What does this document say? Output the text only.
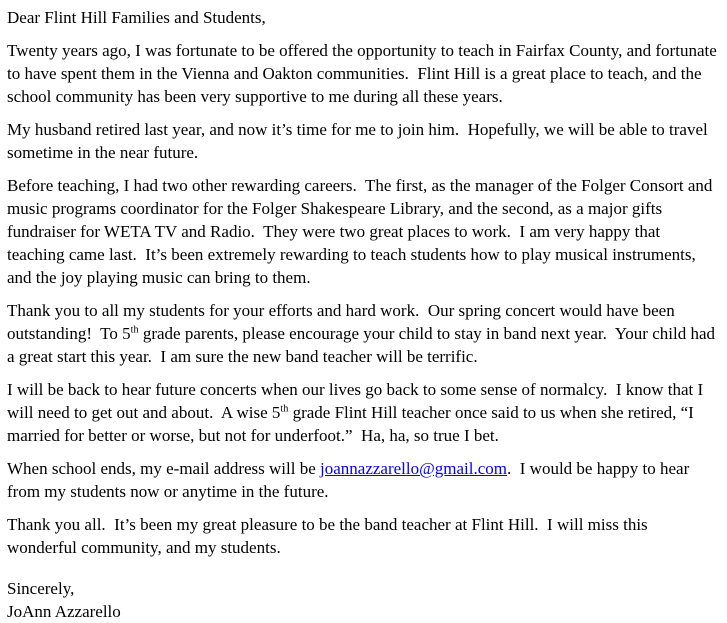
Dear Flint Hill Families and Students,

Twenty years ago, I was fortunate to be offered the opportunity to teach in Fairfax County, and fortunate to have spent them in the Vienna and Oakton communities.  Flint Hill is a great place to teach, and the school community has been very supportive to me during all these years.

My husband retired last year, and now it’s time for me to join him.  Hopefully, we will be able to travel sometime in the near future.

Before teaching, I had two other rewarding careers.  The first, as the manager of the Folger Consort and music programs coordinator for the Folger Shakespeare Library, and the second, as a major gifts fundraiser for WETA TV and Radio.  They were two great places to work.  I am very happy that teaching came last.  It’s been extremely rewarding to teach students how to play musical instruments, and the joy playing music can bring to them.

Thank you to all my students for your efforts and hard work.  Our spring concert would have been outstanding!  To 5th grade parents, please encourage your child to stay in band next year.  Your child had a great start this year.  I am sure the new band teacher will be terrific.

I will be back to hear future concerts when our lives go back to some sense of normalcy.  I know that I will need to get out and about.  A wise 5th grade Flint Hill teacher once said to us when she retired, “I married for better or worse, but not for underfoot.”  Ha, ha, so true I bet.

When school ends, my e-mail address will be joannazzarello@gmail.com.  I would be happy to hear from my students now or anytime in the future.

Thank you all.  It’s been my great pleasure to be the band teacher at Flint Hill.  I will miss this wonderful community, and my students.

Sincerely,

JoAnn Azzarello
